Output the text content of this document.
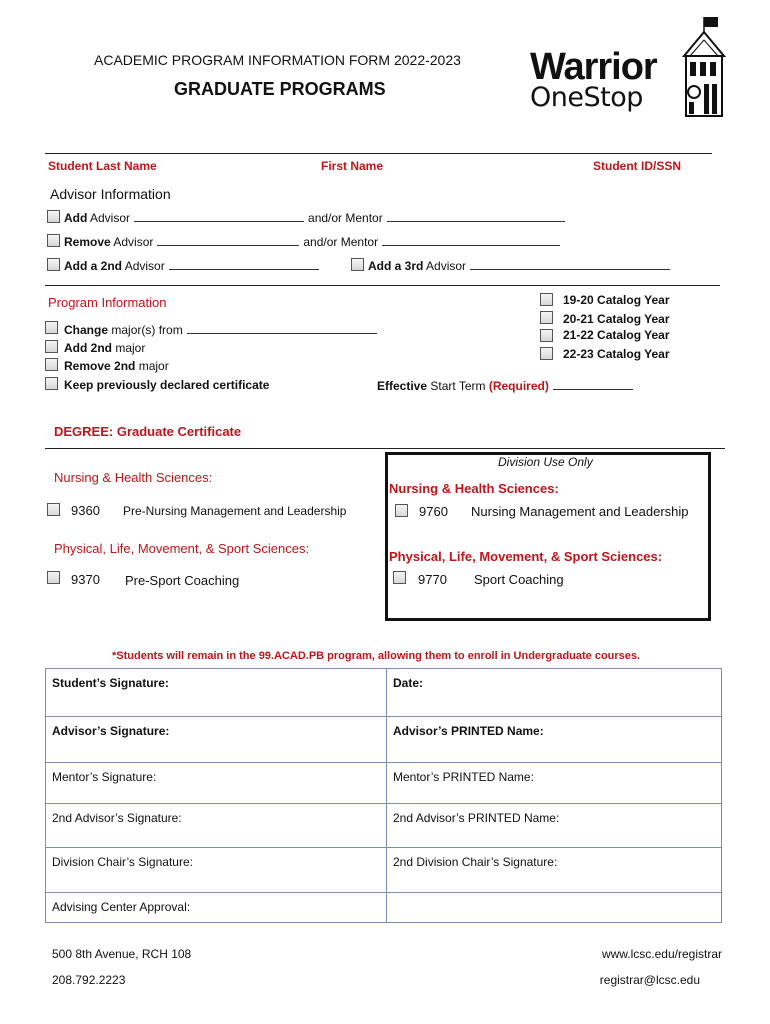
ACADEMIC PROGRAM INFORMATION FORM 2022-2023
GRADUATE PROGRAMS
Warrior
OneStop
Student Last Name	First Name	Student ID/SSN
Advisor Information
Add Advisor	and/or Mentor
Remove Advisor	and/or Mentor
Add a 2nd Advisor	Add a 3rd Advisor
Program Information
Change major(s) from
Add 2nd major
Remove 2nd major
Keep previously declared certificate
19-20 Catalog Year
20-21 Catalog Year
21-22 Catalog Year
22-23 Catalog Year
Effective Start Term (Required)
DEGREE: Graduate Certificate
Nursing & Health Sciences:
9360 Pre-Nursing Management and Leadership
Physical, Life, Movement, & Sport Sciences:
9370 Pre-Sport Coaching
Division Use Only
Nursing & Health Sciences:
9760 Nursing Management and Leadership
Physical, Life, Movement, & Sport Sciences:
9770 Sport Coaching
*Students will remain in the 99.ACAD.PB program, allowing them to enroll in Undergraduate courses.
Student’s Signature:	Date:
Advisor’s Signature:	Advisor’s PRINTED Name:
Mentor’s Signature:	Mentor’s PRINTED Name:
2nd Advisor’s Signature:	2nd Advisor’s PRINTED Name:
Division Chair’s Signature:	2nd Division Chair’s Signature:
Advising Center Approval:	
500 8th Avenue, RCH 108
208.792.2223
www.lcsc.edu/registrar
registrar@lcsc.edu
